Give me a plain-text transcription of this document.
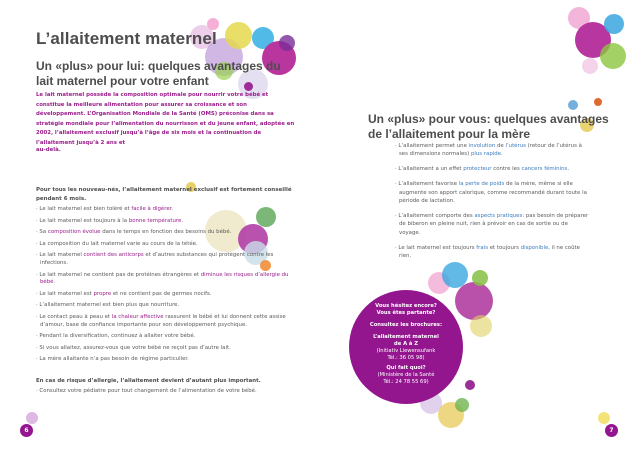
L’allaitement maternel
Un «plus» pour lui: quelques avantages du
lait maternel pour votre enfant
Le lait maternel possède la composition optimale pour nourrir votre bébé et constitue la meilleure alimentation pour assurer sa croissance et son développement. L’Organisation Mondiale de la Santé (OMS) préconise dans sa stratégie mondiale pour l’alimentation du nourrisson et du jeune enfant, adoptée en 2002, l’allaitement exclusif jusqu’à l’âge de six mois et la continuation de l’allaitement jusqu’à 2 ans et
au-delà.
Pour tous les nouveau-nés, l’allaitement maternel exclusif est fortement conseillé pendant 6 mois.
· Le lait maternel est bien toléré et facile à digérer.
· Le lait maternel est toujours à la bonne température.
· Sa composition évolue dans le temps en fonction des besoins du bébé.
· La composition du lait maternel varie au cours de la tétée.
· Le lait maternel contient des anticorps et d’autres substances qui protègent contre les infections.
· Le lait maternel ne contient pas de protéines étrangères et diminue les risques d’allergie du bébé.
· Le lait maternel est propre et ne contient pas de germes nocifs.
· L’allaitement maternel est bien plus que nourriture.
· Le contact peau à peau et la chaleur affective rassurent le bébé et lui donnent cette assise d’amour, base de confiance importante pour son développement psychique.
· Pendant la diversification, continuez à allaiter votre bébé.
· Si vous allaitez, assurez-vous que votre bébé ne reçoit pas d’autre lait.
· La mère allaitante n’a pas besoin de régime particulier.
En cas de risque d’allergie, l’allaitement devient d’autant plus important.
· Consultez votre pédiatre pour tout changement de l’alimentation de votre bébé.
6
Un «plus» pour vous: quelques avantages
de l’allaitement pour la mère
· L’allaitement permet une involution de l’utérus (retour de l’utérus à ses dimensions normales) plus rapide.
· L’allaitement a un effet protecteur contre les cancers féminins.
· L’allaitement favorise la perte de poids de la mère, même si elle augmente son apport calorique, comme recommandé durant toute la période de lactation.
· L’allaitement comporte des aspects pratiques: pas besoin de préparer de biberon en pleine nuit, rien à prévoir en cas de sortie ou de voyage.
· Le lait maternel est toujours frais et toujours disponible, il ne coûte rien.
Vous hésitez encore?
Vous êtes partante?
Consultez les brochures:
L’allaitement maternel
de A à Z
(Initiativ Liewensufank
Tél.: 36 05 98)
Qui fait quoi?
(Ministère de la Santé
Tél.: 24 78 55 69)
7
